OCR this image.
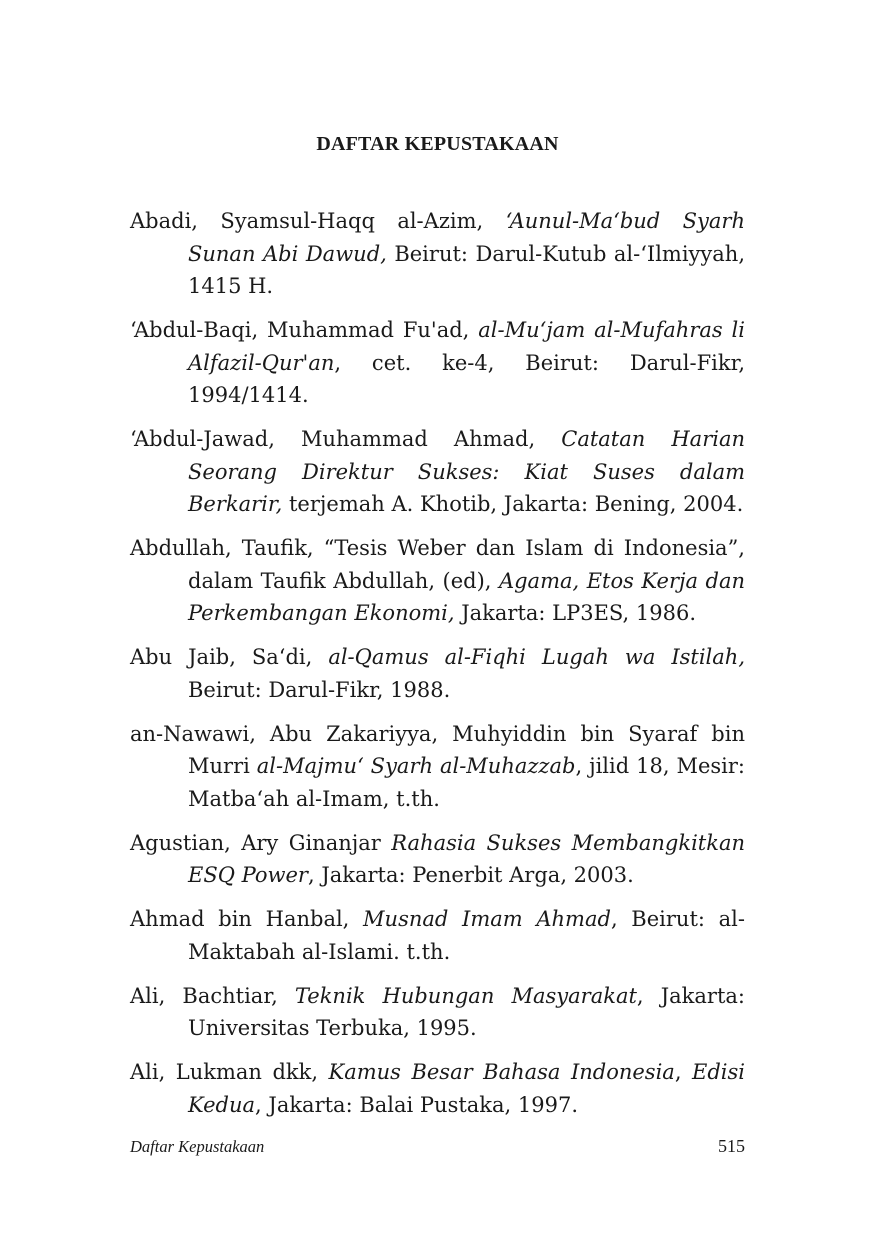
DAFTAR KEPUSTAKAAN

Abadi, Syamsul-Haqq al-Azim, ‘Aunul-Ma‘bud Syarh Sunan Abi Dawud, Beirut: Darul-Kutub al-‘Ilmiyyah, 1415 H.

‘Abdul-Baqi, Muhammad Fu'ad, al-Mu‘jam al-Mufahras li Alfazil-Qur'an, cet. ke-4, Beirut: Darul-Fikr, 1994/1414.

‘Abdul-Jawad, Muhammad Ahmad, Catatan Harian Seorang Direktur Sukses: Kiat Suses dalam Berkarir, terjemah A. Khotib, Jakarta: Bening, 2004.

Abdullah, Taufik, “Tesis Weber dan Islam di Indonesia”, dalam Taufik Abdullah, (ed), Agama, Etos Kerja dan Perkembangan Ekonomi, Jakarta: LP3ES, 1986.

Abu Jaib, Sa‘di, al-Qamus al-Fiqhi Lugah wa Istilah, Beirut: Darul-Fikr, 1988.

an-Nawawi, Abu Zakariyya, Muhyiddin bin Syaraf bin Murri al-Majmu‘ Syarh al-Muhazzab, jilid 18, Mesir: Matba‘ah al-Imam, t.th.

Agustian, Ary Ginanjar Rahasia Sukses Membangkitkan ESQ Power, Jakarta: Penerbit Arga, 2003.

Ahmad bin Hanbal, Musnad Imam Ahmad, Beirut: al-Maktabah al-Islami. t.th.

Ali, Bachtiar, Teknik Hubungan Masyarakat, Jakarta: Universitas Terbuka, 1995.

Ali, Lukman dkk, Kamus Besar Bahasa Indonesia, Edisi Kedua, Jakarta: Balai Pustaka, 1997.

Daftar Kepustakaan	515
